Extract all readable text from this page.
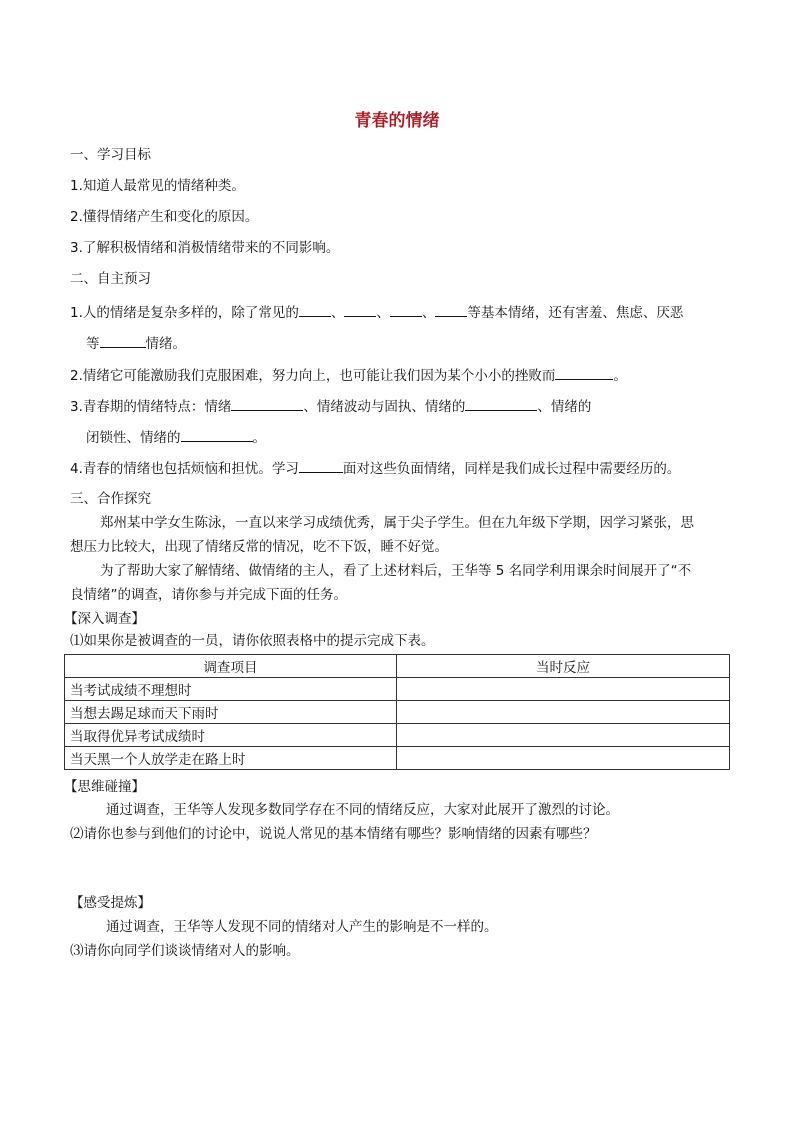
青春的情绪
一、学习目标
1.知道人最常见的情绪种类。
2.懂得情绪产生和变化的原因。
3.了解积极情绪和消极情绪带来的不同影响。
二、自主预习
1.人的情绪是复杂多样的，除了常见的 、 、 、 等基本情绪，还有害羞、焦虑、厌恶
等	情绪。
2.情绪它可能激励我们克服困难，努力向上，也可能让我们因为某个小小的挫败而	。
3.青春期的情绪特点：情绪	、情绪波动与固执、情绪的	、情绪的
闭锁性、情绪的	。
4.青春的情绪也包括烦恼和担忧。学习	面对这些负面情绪，同样是我们成长过程中需要经历的。
三、合作探究
郑州某中学女生陈泳，一直以来学习成绩优秀，属于尖子学生。但在九年级下学期，因学习紧张，思
想压力比较大，出现了情绪反常的情况，吃不下饭，睡不好觉。
为了帮助大家了解情绪、做情绪的主人，看了上述材料后，王华等 5 名同学利用课余时间展开了“不
良情绪”的调查，请你参与并完成下面的任务。
【深入调查】
⑴如果你是被调查的一员，请你依照表格中的提示完成下表。
调查项目	当时反应
当考试成绩不理想时	
当想去踢足球而天下雨时	
当取得优异考试成绩时	
当天黑一个人放学走在路上时	
【思维碰撞】
通过调查，王华等人发现多数同学存在不同的情绪反应，大家对此展开了激烈的讨论。
⑵请你也参与到他们的讨论中，说说人常见的基本情绪有哪些？影响情绪的因素有哪些？
【感受提炼】
通过调查，王华等人发现不同的情绪对人产生的影响是不一样的。
⑶请你向同学们谈谈情绪对人的影响。
